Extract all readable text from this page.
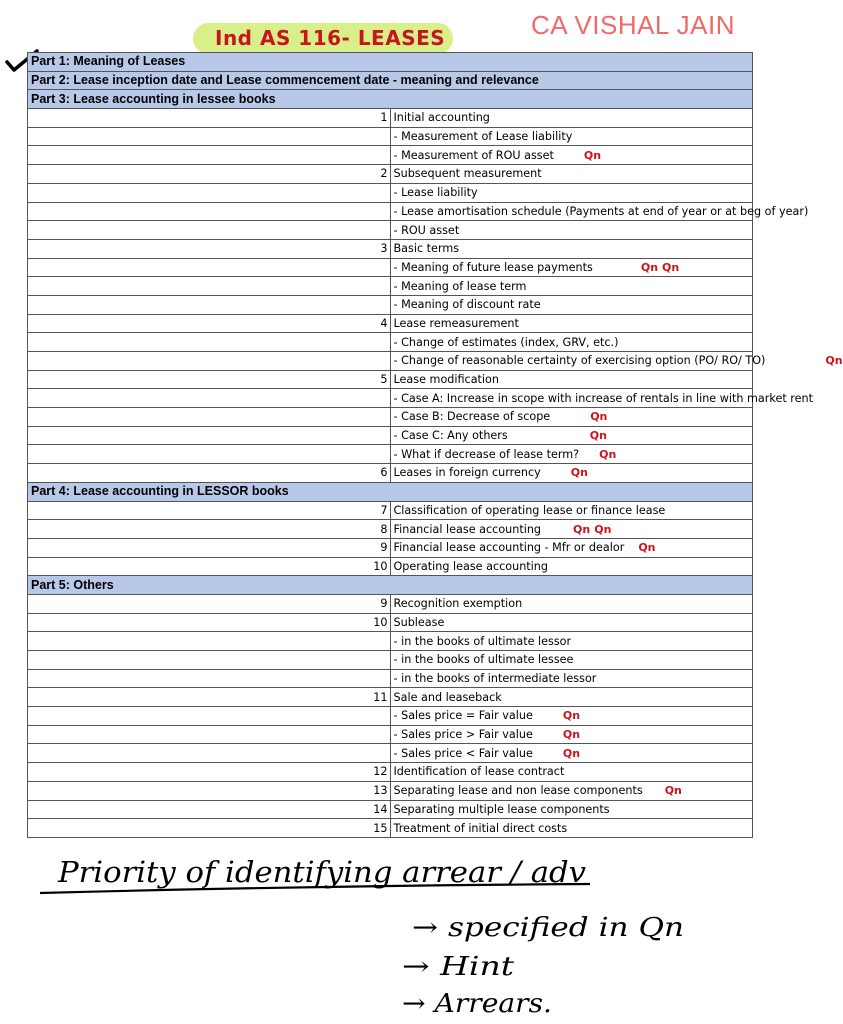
Ind AS 116- LEASES	CA VISHAL JAIN
Part 1: Meaning of Leases	
Part 2: Lease inception date and Lease commencement date - meaning and relevance	
Part 3: Lease accounting in lessee books	
1	Initial accounting
	- Measurement of Lease liability
	- Measurement of ROU asset Qn
2	Subsequent measurement
	- Lease liability
	- Lease amortisation schedule (Payments at end of year or at beg of year)
	- ROU asset
3	Basic terms
	- Meaning of future lease payments Qn Qn
	- Meaning of lease term
	- Meaning of discount rate
4	Lease remeasurement
	- Change of estimates (index, GRV, etc.)
	- Change of reasonable certainty of exercising option (PO/ RO/ TO) Qn
5	Lease modification
	- Case A: Increase in scope with increase of rentals in line with market rent
	- Case B: Decrease of scope Qn
	- Case C: Any others Qn
	- What if decrease of lease term? Qn
6	Leases in foreign currency Qn
Part 4: Lease accounting in LESSOR books	
7	Classification of operating lease or finance lease
8	Financial lease accounting Qn Qn
9	Financial lease accounting - Mfr or dealor Qn
10	Operating lease accounting
Part 5: Others	
9	Recognition exemption
10	Sublease
	- in the books of ultimate lessor
	- in the books of ultimate lessee
	- in the books of intermediate lessor
11	Sale and leaseback
	- Sales price = Fair value Qn
	- Sales price > Fair value Qn
	- Sales price < Fair value Qn
12	Identification of lease contract
13	Separating lease and non lease components Qn
14	Separating multiple lease components
15	Treatment of initial direct costs
Priority of identifying arrear / adv
→ specified in Qn
→ Hint
→ Arrears.
